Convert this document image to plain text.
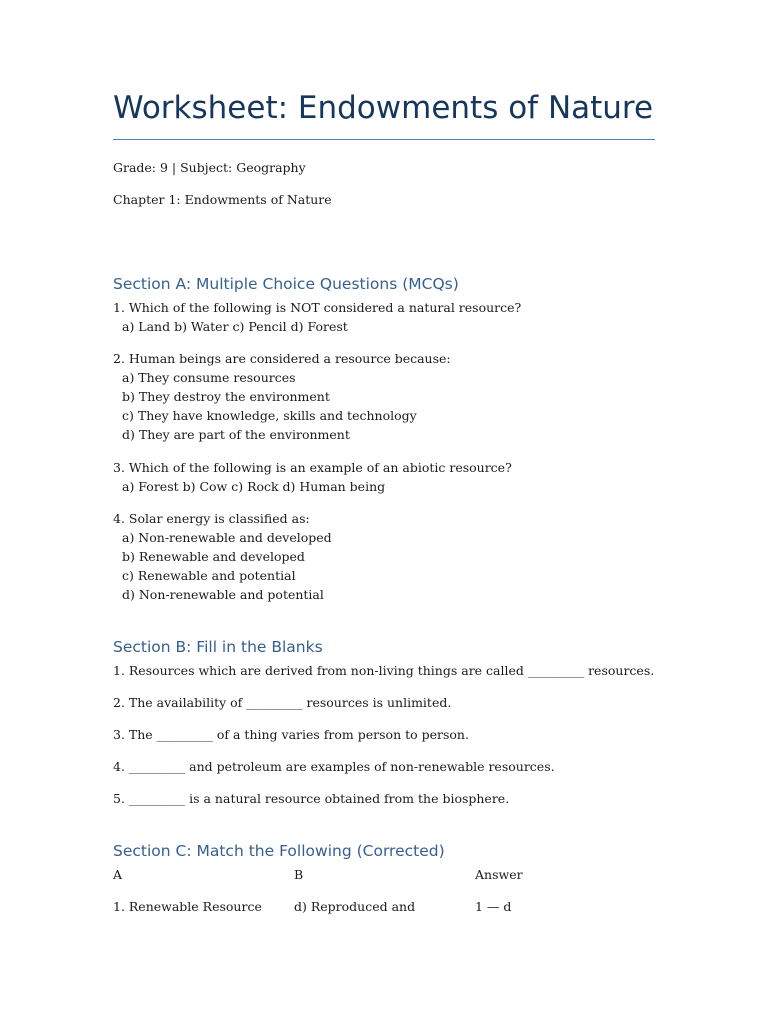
Worksheet: Endowments of Nature

Grade: 9 | Subject: Geography

Chapter 1: Endowments of Nature

Section A: Multiple Choice Questions (MCQs)
1. Which of the following is NOT considered a natural resource?
a) Land b) Water c) Pencil d) Forest
2. Human beings are considered a resource because:
a) They consume resources
b) They destroy the environment
c) They have knowledge, skills and technology
d) They are part of the environment
3. Which of the following is an example of an abiotic resource?
a) Forest b) Cow c) Rock d) Human being
4. Solar energy is classified as:
a) Non-renewable and developed
b) Renewable and developed
c) Renewable and potential
d) Non-renewable and potential
Section B: Fill in the Blanks

1. Resources which are derived from non-living things are called _________ resources.

2. The availability of _________ resources is unlimited.

3. The _________ of a thing varies from person to person.

4. _________ and petroleum are examples of non-renewable resources.

5. _________ is a natural resource obtained from the biosphere.

Section C: Match the Following (Corrected)

A	B	Answer

1. Renewable Resource	d) Reproduced and	1 — d
